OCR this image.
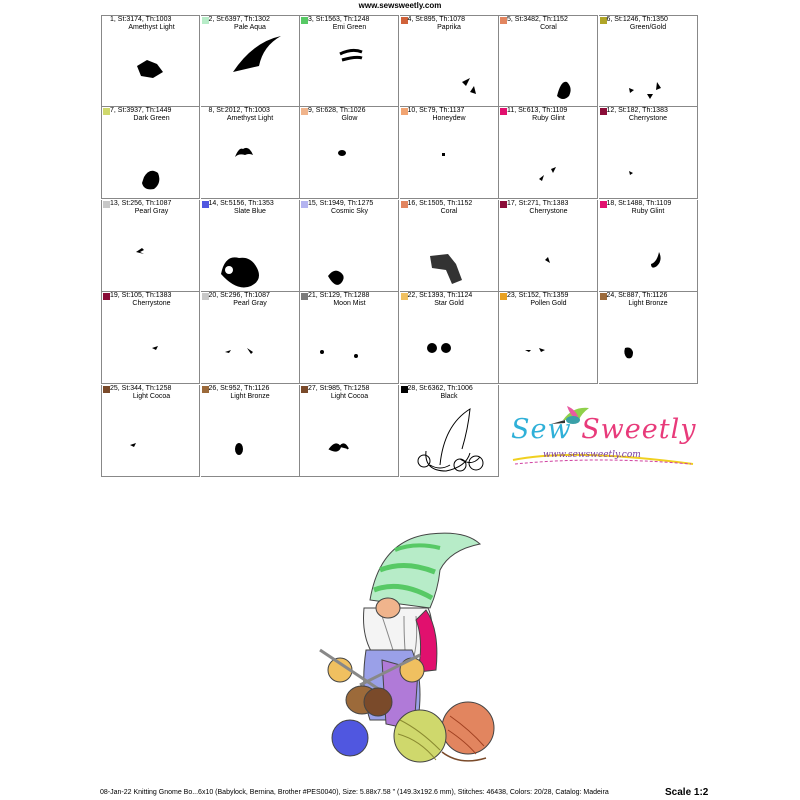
www.sewsweetly.com
1, St:3174, Th:1003
Amethyst Light
2, St:6397, Th:1302
Pale Aqua
3, St:1563, Th:1248
Emi Green
4, St:895, Th:1078
Paprika
5, St:3482, Th:1152
Coral
6, St:1246, Th:1350
Green/Gold
7, St:3937, Th:1449
Dark Green
8, St:2012, Th:1003
Amethyst Light
9, St:628, Th:1026
Glow
10, St:79, Th:1137
Honeydew
11, St:613, Th:1109
Ruby Glint
12, St:182, Th:1383
Cherrystone
13, St:256, Th:1087
Pearl Gray
14, St:5156, Th:1353
Slate Blue
15, St:1949, Th:1275
Cosmic Sky
16, St:1505, Th:1152
Coral
17, St:271, Th:1383
Cherrystone
18, St:1488, Th:1109
Ruby Glint
19, St:105, Th:1383
Cherrystone
20, St:296, Th:1087
Pearl Gray
21, St:129, Th:1288
Moon Mist
22, St:1393, Th:1124
Star Gold
23, St:152, Th:1359
Pollen Gold
24, St:887, Th:1126
Light Bronze
25, St:344, Th:1258
Light Cocoa
26, St:952, Th:1126
Light Bronze
27, St:985, Th:1258
Light Cocoa
28, St:6362, Th:1006
Black
Sew Sweetly
www.sewsweetly.com
08-Jan-22 Knitting Gnome Bo...6x10 (Babylock, Bernina, Brother #PES0040), Size: 5.88x7.58 " (149.3x192.6 mm), Stitches: 46438, Colors: 20/28, Catalog: Madeira	Scale 1:2
